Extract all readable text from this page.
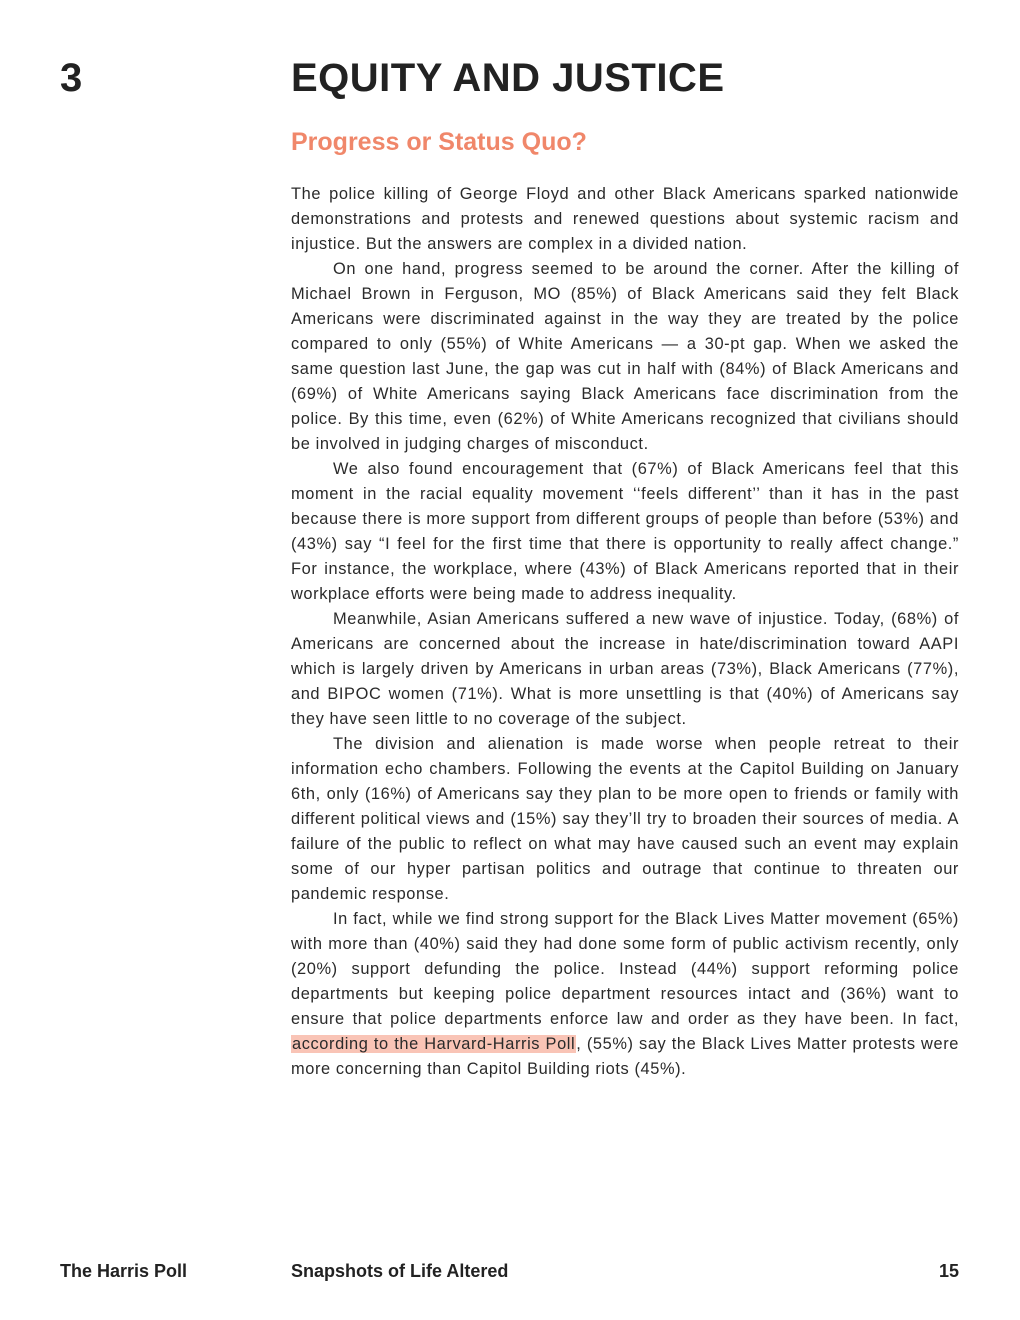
3	EQUITY AND JUSTICE
Progress or Status Quo?

The police killing of George Floyd and other Black Americans sparked nationwide demonstrations and protests and renewed questions about systemic racism and injustice. But the answers are complex in a divided nation.

On one hand, progress seemed to be around the corner. After the killing of Michael Brown in Ferguson, MO (85%) of Black Americans said they felt Black Americans were discriminated against in the way they are treated by the police compared to only (55%) of White Americans — a 30-pt gap. When we asked the same question last June, the gap was cut in half with (84%) of Black Americans and (69%) of White Americans saying Black Americans face discrimination from the police. By this time, even (62%) of White Americans recognized that civilians should be involved in judging charges of misconduct.

We also found encouragement that (67%) of Black Americans feel that this moment in the racial equality movement ‘‘feels different’’ than it has in the past because there is more support from different groups of people than before (53%) and (43%) say “I feel for the first time that there is opportunity to really affect change.” For instance, the workplace, where (43%) of Black Americans reported that in their workplace efforts were being made to address inequality.

Meanwhile, Asian Americans suffered a new wave of injustice. Today, (68%) of Americans are concerned about the increase in hate/discrimination toward AAPI which is largely driven by Americans in urban areas (73%), Black Americans (77%), and BIPOC women (71%). What is more unsettling is that (40%) of Americans say they have seen little to no coverage of the subject.

The division and alienation is made worse when people retreat to their information echo chambers. Following the events at the Capitol Building on January 6th, only (16%) of Americans say they plan to be more open to friends or family with different political views and (15%) say they’ll try to broaden their sources of media. A failure of the public to reflect on what may have caused such an event may explain some of our hyper partisan politics and outrage that continue to threaten our pandemic response.

In fact, while we find strong support for the Black Lives Matter movement (65%) with more than (40%) said they had done some form of public activism recently, only (20%) support defunding the police. Instead (44%) support reforming police departments but keeping police department resources intact and (36%) want to ensure that police departments enforce law and order as they have been. In fact, according to the Harvard-Harris Poll, (55%) say the Black Lives Matter protests were more concerning than Capitol Building riots (45%).

The Harris Poll	Snapshots of Life Altered	15
